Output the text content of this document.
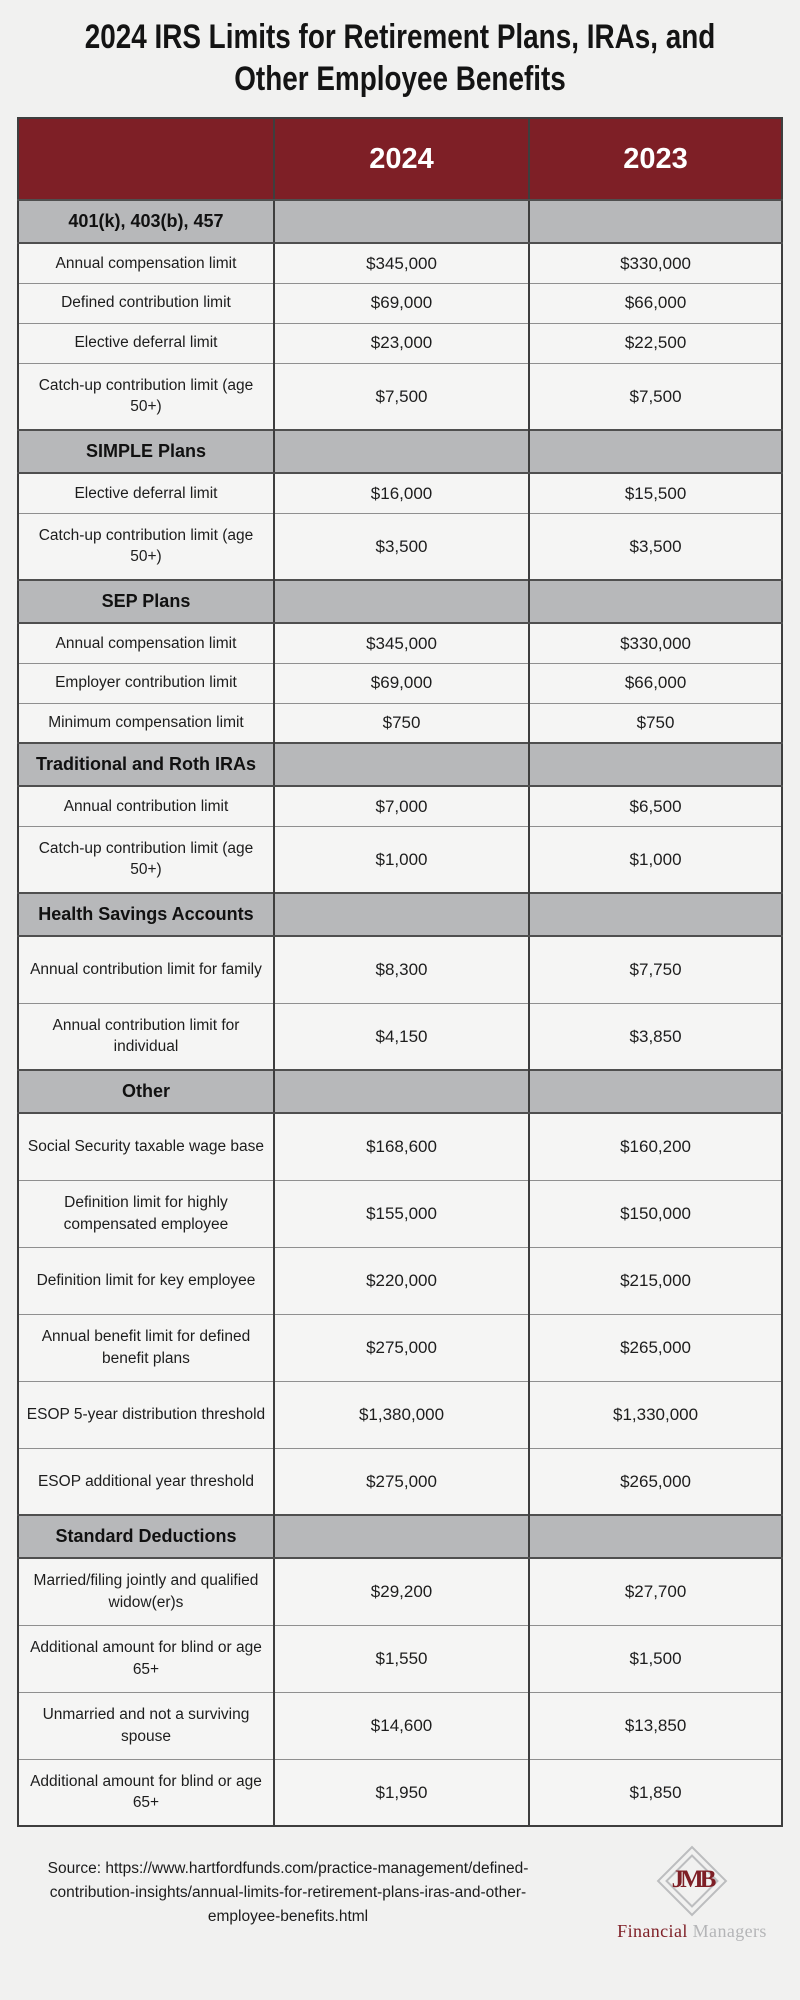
2024 IRS Limits for Retirement Plans, IRAs, and
Other Employee Benefits
	2024	2023
401(k), 403(b), 457		
Annual compensation limit	$345,000	$330,000
Defined contribution limit	$69,000	$66,000
Elective deferral limit	$23,000	$22,500
Catch-up contribution limit (age 50+)	$7,500	$7,500
SIMPLE Plans		
Elective deferral limit	$16,000	$15,500
Catch-up contribution limit (age 50+)	$3,500	$3,500
SEP Plans		
Annual compensation limit	$345,000	$330,000
Employer contribution limit	$69,000	$66,000
Minimum compensation limit	$750	$750
Traditional and Roth IRAs		
Annual contribution limit	$7,000	$6,500
Catch-up contribution limit (age 50+)	$1,000	$1,000
Health Savings Accounts		
Annual contribution limit for family	$8,300	$7,750
Annual contribution limit for individual	$4,150	$3,850
Other		
Social Security taxable wage base	$168,600	$160,200
Definition limit for highly compensated employee	$155,000	$150,000
Definition limit for key employee	$220,000	$215,000
Annual benefit limit for defined benefit plans	$275,000	$265,000
ESOP 5-year distribution threshold	$1,380,000	$1,330,000
ESOP additional year threshold	$275,000	$265,000
Standard Deductions		
Married/filing jointly and qualified widow(er)s	$29,200	$27,700
Additional amount for blind or age 65+	$1,550	$1,500
Unmarried and not a surviving spouse	$14,600	$13,850
Additional amount for blind or age 65+	$1,950	$1,850
Source: https://www.hartfordfunds.com/practice-management/defined-contribution-insights/annual-limits-for-retirement-plans-iras-and-other-employee-benefits.html
JMB
Financial Managers
